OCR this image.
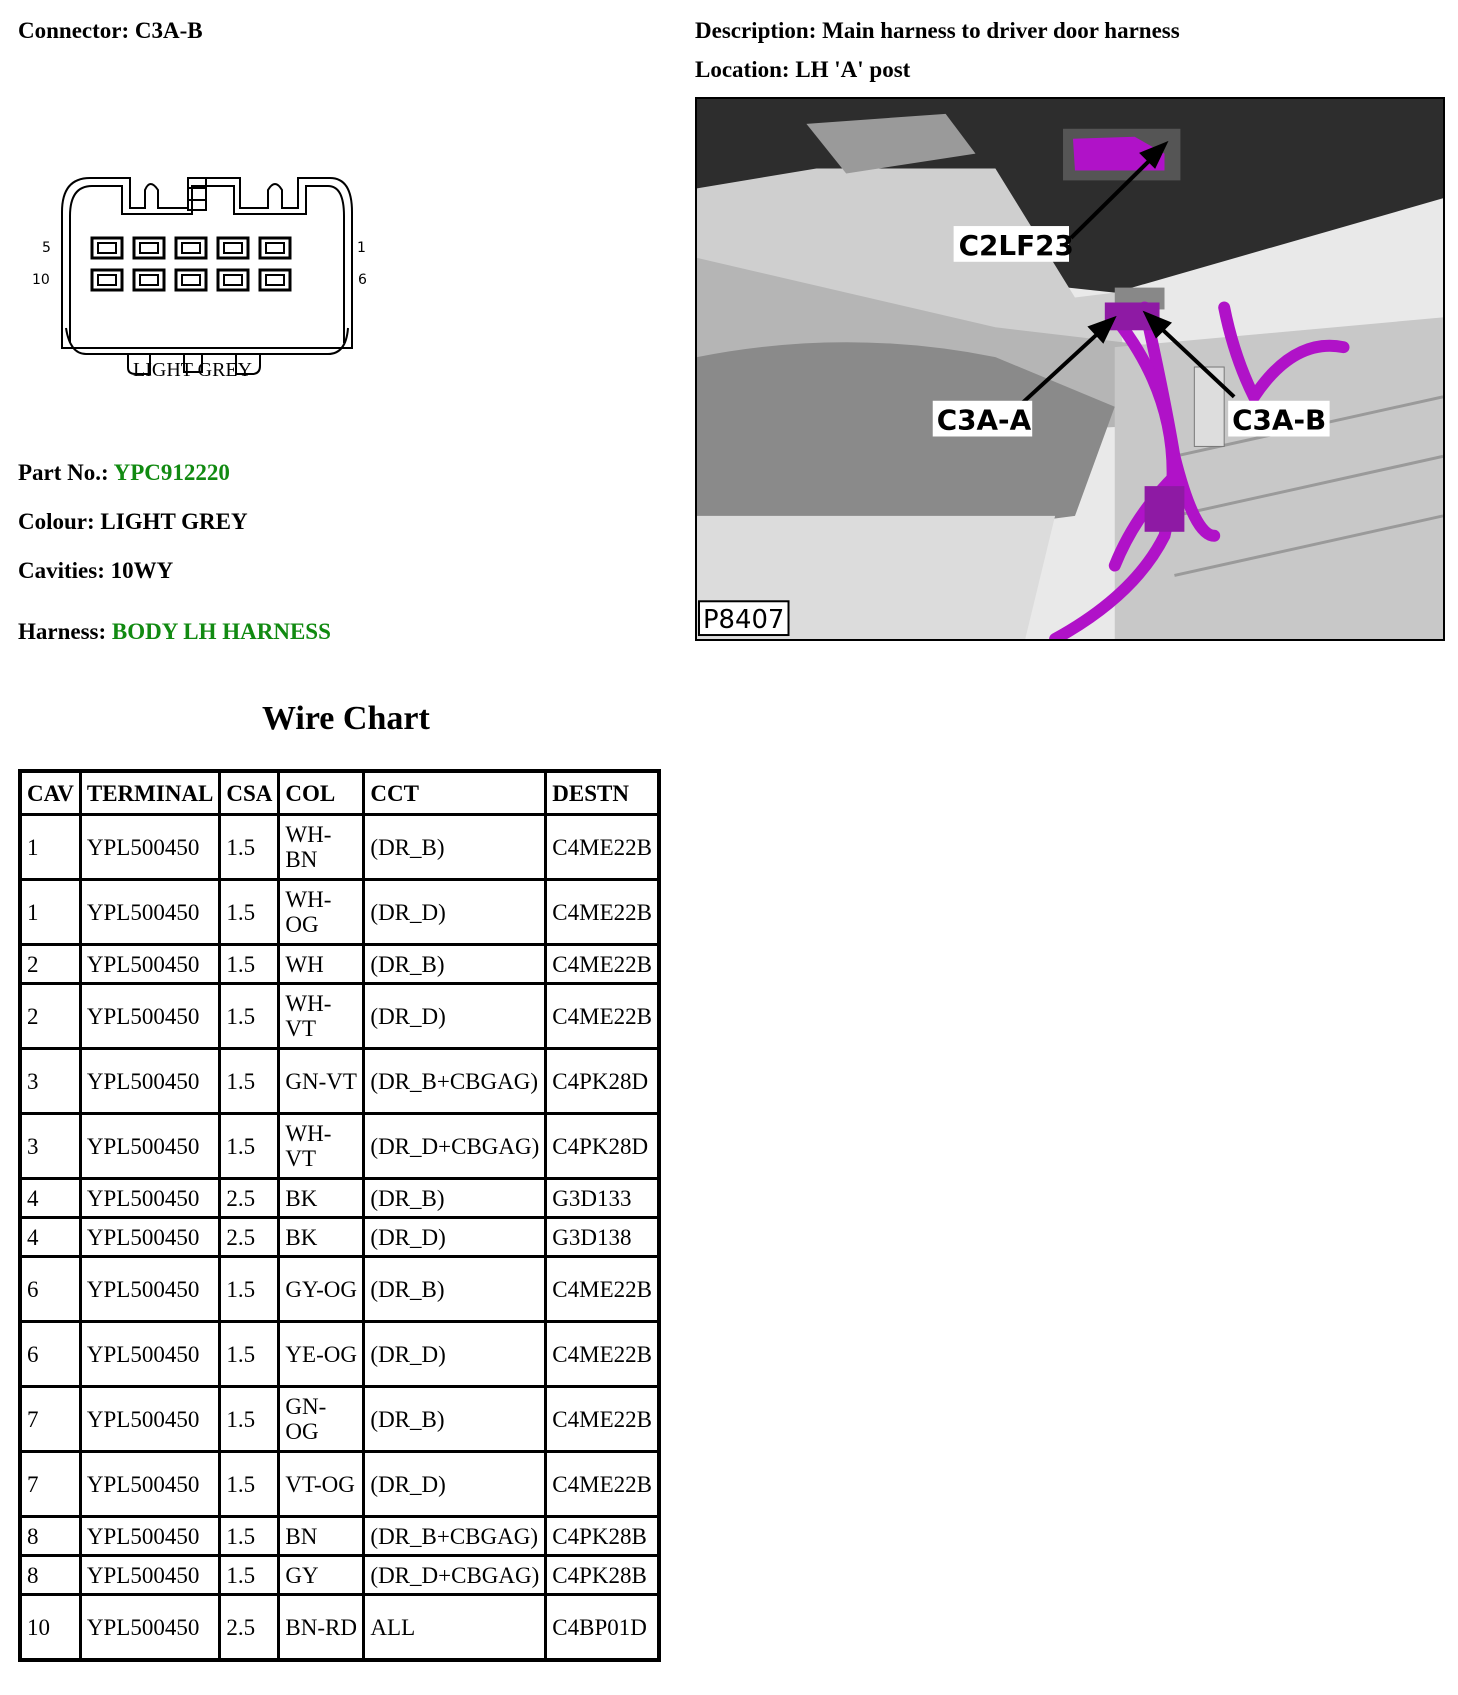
Connector: C3A-B	Description: Main harness to driver door harness
Location: LH 'A' post
5	1
10	6
LIGHT GREY
Part No.: YPC912220
Colour: LIGHT GREY
Cavities: 10WY
Harness: BODY LH HARNESS
C2LF23
C3A-A	C3A-B
P8407
Wire Chart
CAV	TERMINAL	CSA	COL	CCT	DESTN
1	YPL500450	1.5	WH-BN	(DR_B)	C4ME22B
1	YPL500450	1.5	WH-OG	(DR_D)	C4ME22B
2	YPL500450	1.5	WH	(DR_B)	C4ME22B
2	YPL500450	1.5	WH-VT	(DR_D)	C4ME22B
3	YPL500450	1.5	GN-VT	(DR_B+CBGAG)	C4PK28D
3	YPL500450	1.5	WH-VT	(DR_D+CBGAG)	C4PK28D
4	YPL500450	2.5	BK	(DR_B)	G3D133
4	YPL500450	2.5	BK	(DR_D)	G3D138
6	YPL500450	1.5	GY-OG	(DR_B)	C4ME22B
6	YPL500450	1.5	YE-OG	(DR_D)	C4ME22B
7	YPL500450	1.5	GN-OG	(DR_B)	C4ME22B
7	YPL500450	1.5	VT-OG	(DR_D)	C4ME22B
8	YPL500450	1.5	BN	(DR_B+CBGAG)	C4PK28B
8	YPL500450	1.5	GY	(DR_D+CBGAG)	C4PK28B
10	YPL500450	2.5	BN-RD	ALL	C4BP01D
